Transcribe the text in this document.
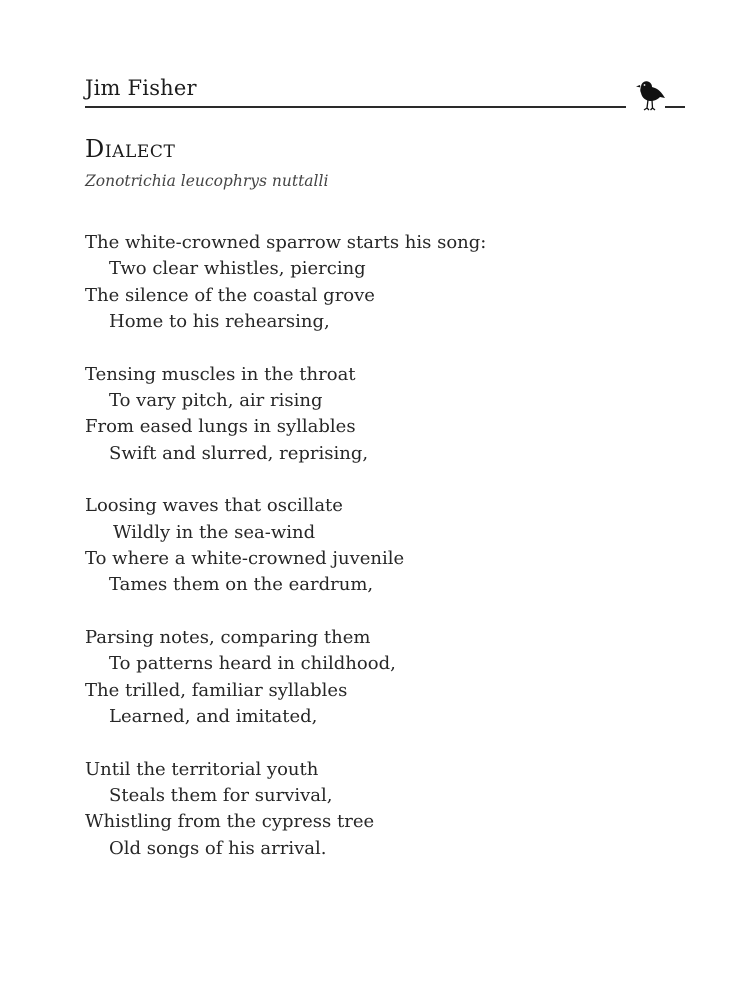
Jim Fisher
Dialect
Zonotrichia leucophrys nuttalli
The white-crowned sparrow starts his song:
Two clear whistles, piercing
The silence of the coastal grove
Home to his rehearsing,
Tensing muscles in the throat
To vary pitch, air rising
From eased lungs in syllables
Swift and slurred, reprising,
Loosing waves that oscillate
Wildly in the sea-wind
To where a white-crowned juvenile
Tames them on the eardrum,
Parsing notes, comparing them
To patterns heard in childhood,
The trilled, familiar syllables
Learned, and imitated,
Until the territorial youth
Steals them for survival,
Whistling from the cypress tree
Old songs of his arrival.
